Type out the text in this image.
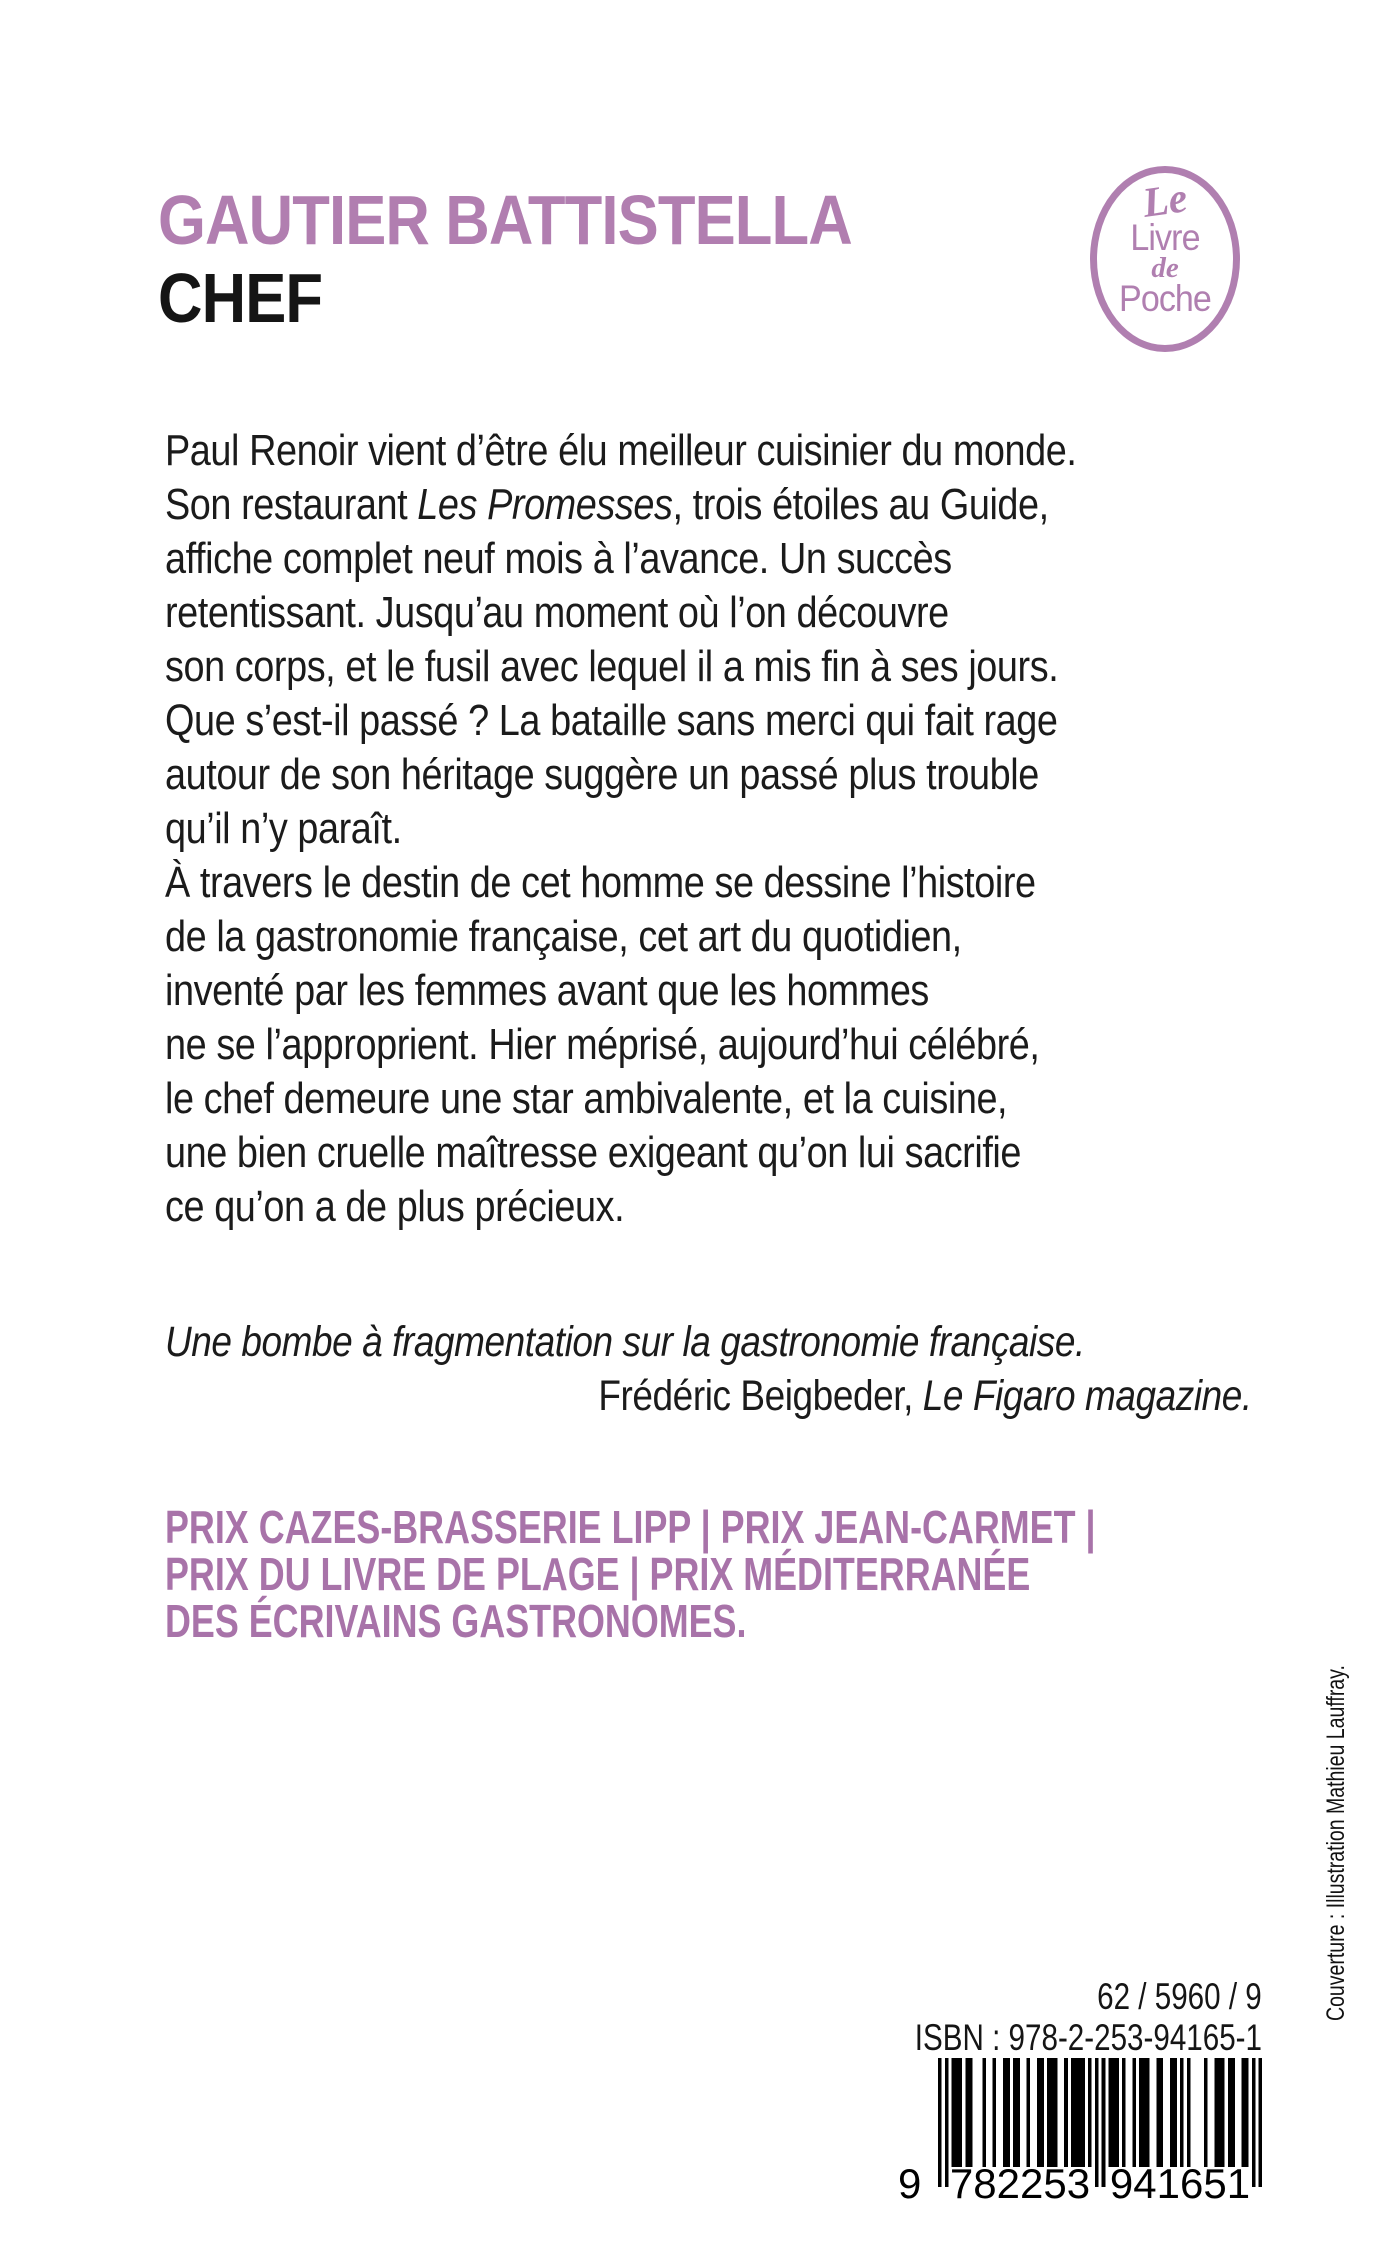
GAUTIER BATTISTELLA
CHEF
Le
Livre
de
Poche
Paul Renoir vient d’être élu meilleur cuisinier du monde.
Son restaurant Les Promesses, trois étoiles au Guide,
affiche complet neuf mois à l’avance. Un succès
retentissant. Jusqu’au moment où l’on découvre
son corps, et le fusil avec lequel il a mis fin à ses jours.
Que s’est-il passé ? La bataille sans merci qui fait rage
autour de son héritage suggère un passé plus trouble
qu’il n’y paraît.
À travers le destin de cet homme se dessine l’histoire
de la gastronomie française, cet art du quotidien,
inventé par les femmes avant que les hommes
ne se l’approprient. Hier méprisé, aujourd’hui célébré,
le chef demeure une star ambivalente, et la cuisine,
une bien cruelle maîtresse exigeant qu’on lui sacrifie
ce qu’on a de plus précieux.
Une bombe à fragmentation sur la gastronomie française.
Frédéric Beigbeder, Le Figaro magazine.
PRIX CAZES-BRASSERIE LIPP | PRIX JEAN-CARMET |
PRIX DU LIVRE DE PLAGE | PRIX MÉDITERRANÉE
DES ÉCRIVAINS GASTRONOMES.
Couverture : Illustration Mathieu Lauffray.
62 / 5960 / 9
ISBN : 978-2-253-94165-1
9 782253 941651
